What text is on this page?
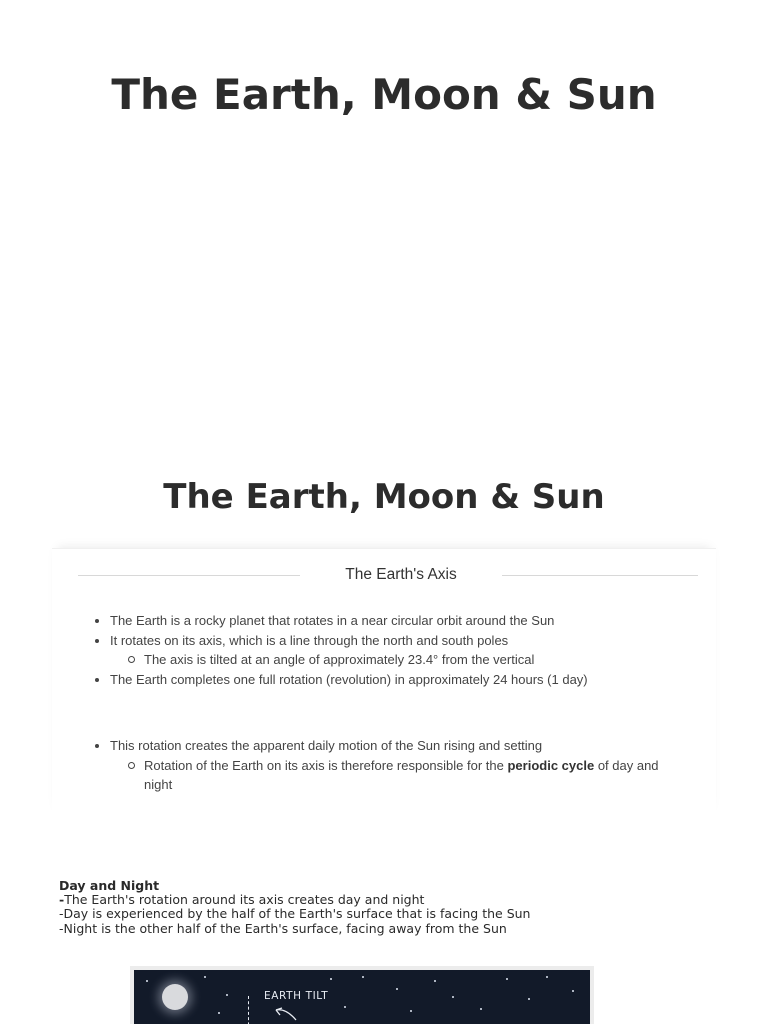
The Earth, Moon & Sun
The Earth, Moon & Sun
The Earth's Axis
The Earth is a rocky planet that rotates in a near circular orbit around the Sun
It rotates on its axis, which is a line through the north and south poles
The axis is tilted at an angle of approximately 23.4° from the vertical
The Earth completes one full rotation (revolution) in approximately 24 hours (1 day)
This rotation creates the apparent daily motion of the Sun rising and setting
Rotation of the Earth on its axis is therefore responsible for the periodic cycle of day and night
Day and Night
-The Earth's rotation around its axis creates day and night
-Day is experienced by the half of the Earth's surface that is facing the Sun
-Night is the other half of the Earth's surface, facing away from the Sun
EARTH TILT
